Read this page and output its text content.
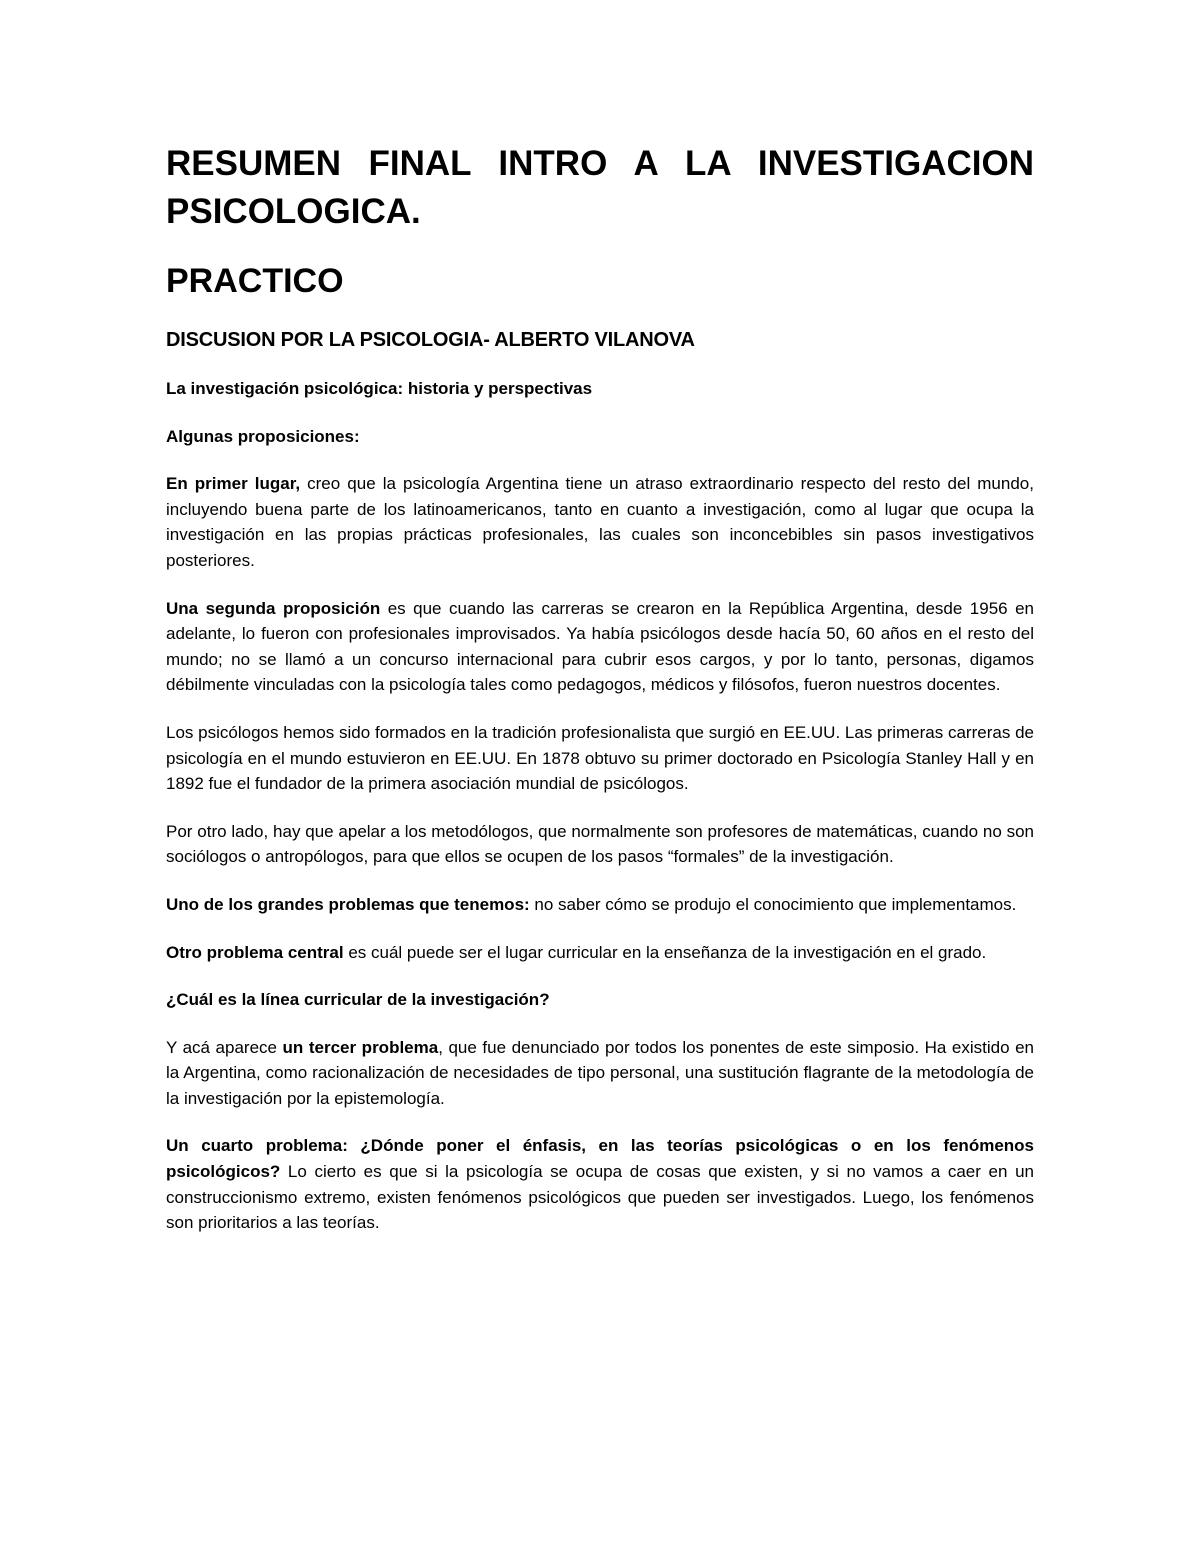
RESUMEN FINAL INTRO A LA INVESTIGACION
PSICOLOGICA.
PRACTICO
DISCUSION POR LA PSICOLOGIA- ALBERTO VILANOVA

La investigación psicológica: historia y perspectivas

Algunas proposiciones:

En primer lugar, creo que la psicología Argentina tiene un atraso extraordinario respecto del resto del mundo, incluyendo buena parte de los latinoamericanos, tanto en cuanto a investigación, como al lugar que ocupa la investigación en las propias prácticas profesionales, las cuales son inconcebibles sin pasos investigativos posteriores.

Una segunda proposición es que cuando las carreras se crearon en la República Argentina, desde 1956 en adelante, lo fueron con profesionales improvisados. Ya había psicólogos desde hacía 50, 60 años en el resto del mundo; no se llamó a un concurso internacional para cubrir esos cargos, y por lo tanto, personas, digamos débilmente vinculadas con la psicología tales como pedagogos, médicos y filósofos, fueron nuestros docentes.

Los psicólogos hemos sido formados en la tradición profesionalista que surgió en EE.UU. Las primeras carreras de psicología en el mundo estuvieron en EE.UU. En 1878 obtuvo su primer doctorado en Psicología Stanley Hall y en 1892 fue el fundador de la primera asociación mundial de psicólogos.

Por otro lado, hay que apelar a los metodólogos, que normalmente son profesores de matemáticas, cuando no son sociólogos o antropólogos, para que ellos se ocupen de los pasos “formales” de la investigación.

Uno de los grandes problemas que tenemos: no saber cómo se produjo el conocimiento que implementamos.

Otro problema central es cuál puede ser el lugar curricular en la enseñanza de la investigación en el grado.

¿Cuál es la línea curricular de la investigación?

Y acá aparece un tercer problema, que fue denunciado por todos los ponentes de este simposio. Ha existido en la Argentina, como racionalización de necesidades de tipo personal, una sustitución flagrante de la metodología de la investigación por la epistemología.

Un cuarto problema: ¿Dónde poner el énfasis, en las teorías psicológicas o en los fenómenos psicológicos? Lo cierto es que si la psicología se ocupa de cosas que existen, y si no vamos a caer en un construccionismo extremo, existen fenómenos psicológicos que pueden ser investigados. Luego, los fenómenos son prioritarios a las teorías.
